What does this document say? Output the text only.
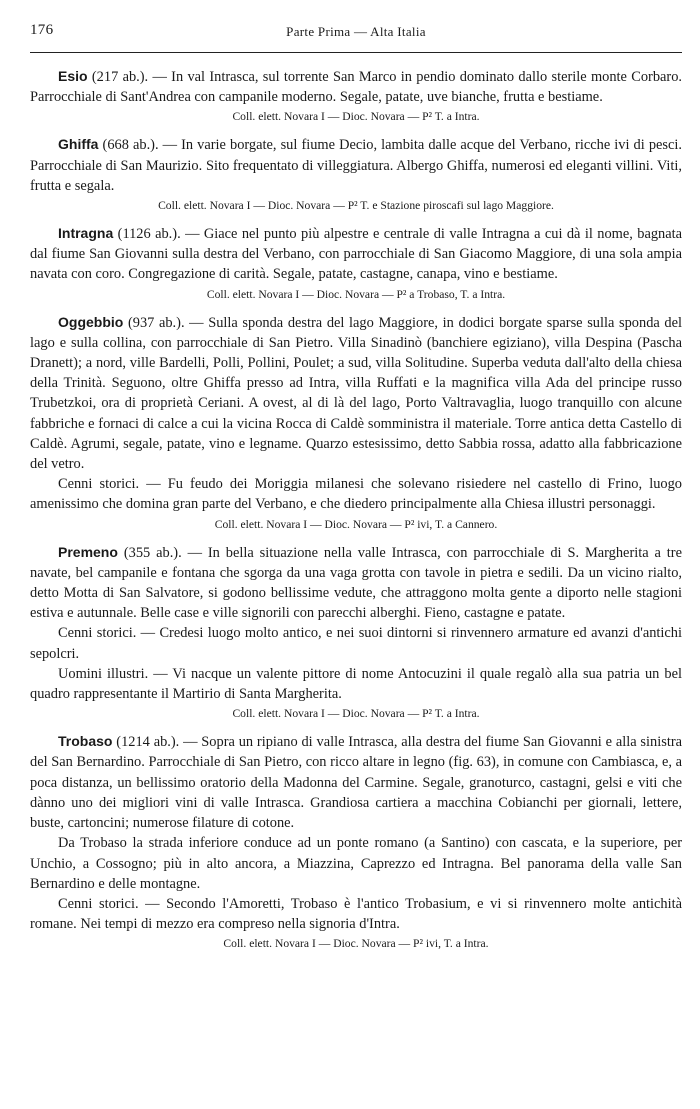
176	Parte Prima — Alta Italia

Esio (217 ab.). — In val Intrasca, sul torrente San Marco in pendio dominato dallo sterile monte Corbaro. Parrocchiale di Sant'Andrea con campanile moderno. Segale, patate, uve bianche, frutta e bestiame.

Coll. elett. Novara I — Dioc. Novara — P² T. a Intra.

Ghiffa (668 ab.). — In varie borgate, sul fiume Decio, lambita dalle acque del Verbano, ricche ivi di pesci. Parrocchiale di San Maurizio. Sito frequentato di villeggiatura. Albergo Ghiffa, numerosi ed eleganti villini. Viti, frutta e segala.

Coll. elett. Novara I — Dioc. Novara — P² T. e Stazione piroscafi sul lago Maggiore.

Intragna (1126 ab.). — Giace nel punto più alpestre e centrale di valle Intragna a cui dà il nome, bagnata dal fiume San Giovanni sulla destra del Verbano, con parrocchiale di San Giacomo Maggiore, di una sola ampia navata con coro. Congregazione di carità. Segale, patate, castagne, canapa, vino e bestiame.

Coll. elett. Novara I — Dioc. Novara — P² a Trobaso, T. a Intra.

Oggebbio (937 ab.). — Sulla sponda destra del lago Maggiore, in dodici borgate sparse sulla sponda del lago e sulla collina, con parrocchiale di San Pietro. Villa Sinadinò (banchiere egiziano), villa Despina (Pascha Dranett); a nord, ville Bardelli, Polli, Pollini, Poulet; a sud, villa Solitudine. Superba veduta dall'alto della chiesa della Trinità. Seguono, oltre Ghiffa presso ad Intra, villa Ruffati e la magnifica villa Ada del principe russo Trubetzkoi, ora di proprietà Ceriani. A ovest, al di là del lago, Porto Valtravaglia, luogo tranquillo con alcune fabbriche e fornaci di calce a cui la vicina Rocca di Caldè somministra il materiale. Torre antica detta Castello di Caldè. Agrumi, segale, patate, vino e legname. Quarzo estesissimo, detto Sabbia rossa, adatto alla fabbricazione del vetro.

Cenni storici. — Fu feudo dei Moriggia milanesi che solevano risiedere nel castello di Frino, luogo amenissimo che domina gran parte del Verbano, e che diedero principalmente alla Chiesa illustri personaggi.

Coll. elett. Novara I — Dioc. Novara — P² ivi, T. a Cannero.

Premeno (355 ab.). — In bella situazione nella valle Intrasca, con parrocchiale di S. Margherita a tre navate, bel campanile e fontana che sgorga da una vaga grotta con tavole in pietra e sedili. Da un vicino rialto, detto Motta di San Salvatore, si godono bellissime vedute, che attraggono molta gente a diporto nelle stagioni estiva e autunnale. Belle case e ville signorili con parecchi alberghi. Fieno, castagne e patate.

Cenni storici. — Credesi luogo molto antico, e nei suoi dintorni si rinvennero armature ed avanzi d'antichi sepolcri.

Uomini illustri. — Vi nacque un valente pittore di nome Antocuzini il quale regalò alla sua patria un bel quadro rappresentante il Martirio di Santa Margherita.

Coll. elett. Novara I — Dioc. Novara — P² T. a Intra.

Trobaso (1214 ab.). — Sopra un ripiano di valle Intrasca, alla destra del fiume San Giovanni e alla sinistra del San Bernardino. Parrocchiale di San Pietro, con ricco altare in legno (fig. 63), in comune con Cambiasca, e, a poca distanza, un bellissimo oratorio della Madonna del Carmine. Segale, granoturco, castagni, gelsi e viti che dànno uno dei migliori vini di valle Intrasca. Grandiosa cartiera a macchina Cobianchi per giornali, lettere, buste, cartoncini; numerose filature di cotone.

Da Trobaso la strada inferiore conduce ad un ponte romano (a Santino) con cascata, e la superiore, per Unchio, a Cossogno; più in alto ancora, a Miazzina, Caprezzo ed Intragna. Bel panorama della valle San Bernardino e delle montagne.

Cenni storici. — Secondo l'Amoretti, Trobaso è l'antico Trobasium, e vi si rinvennero molte antichità romane. Nei tempi di mezzo era compreso nella signoria d'Intra.

Coll. elett. Novara I — Dioc. Novara — P² ivi, T. a Intra.
